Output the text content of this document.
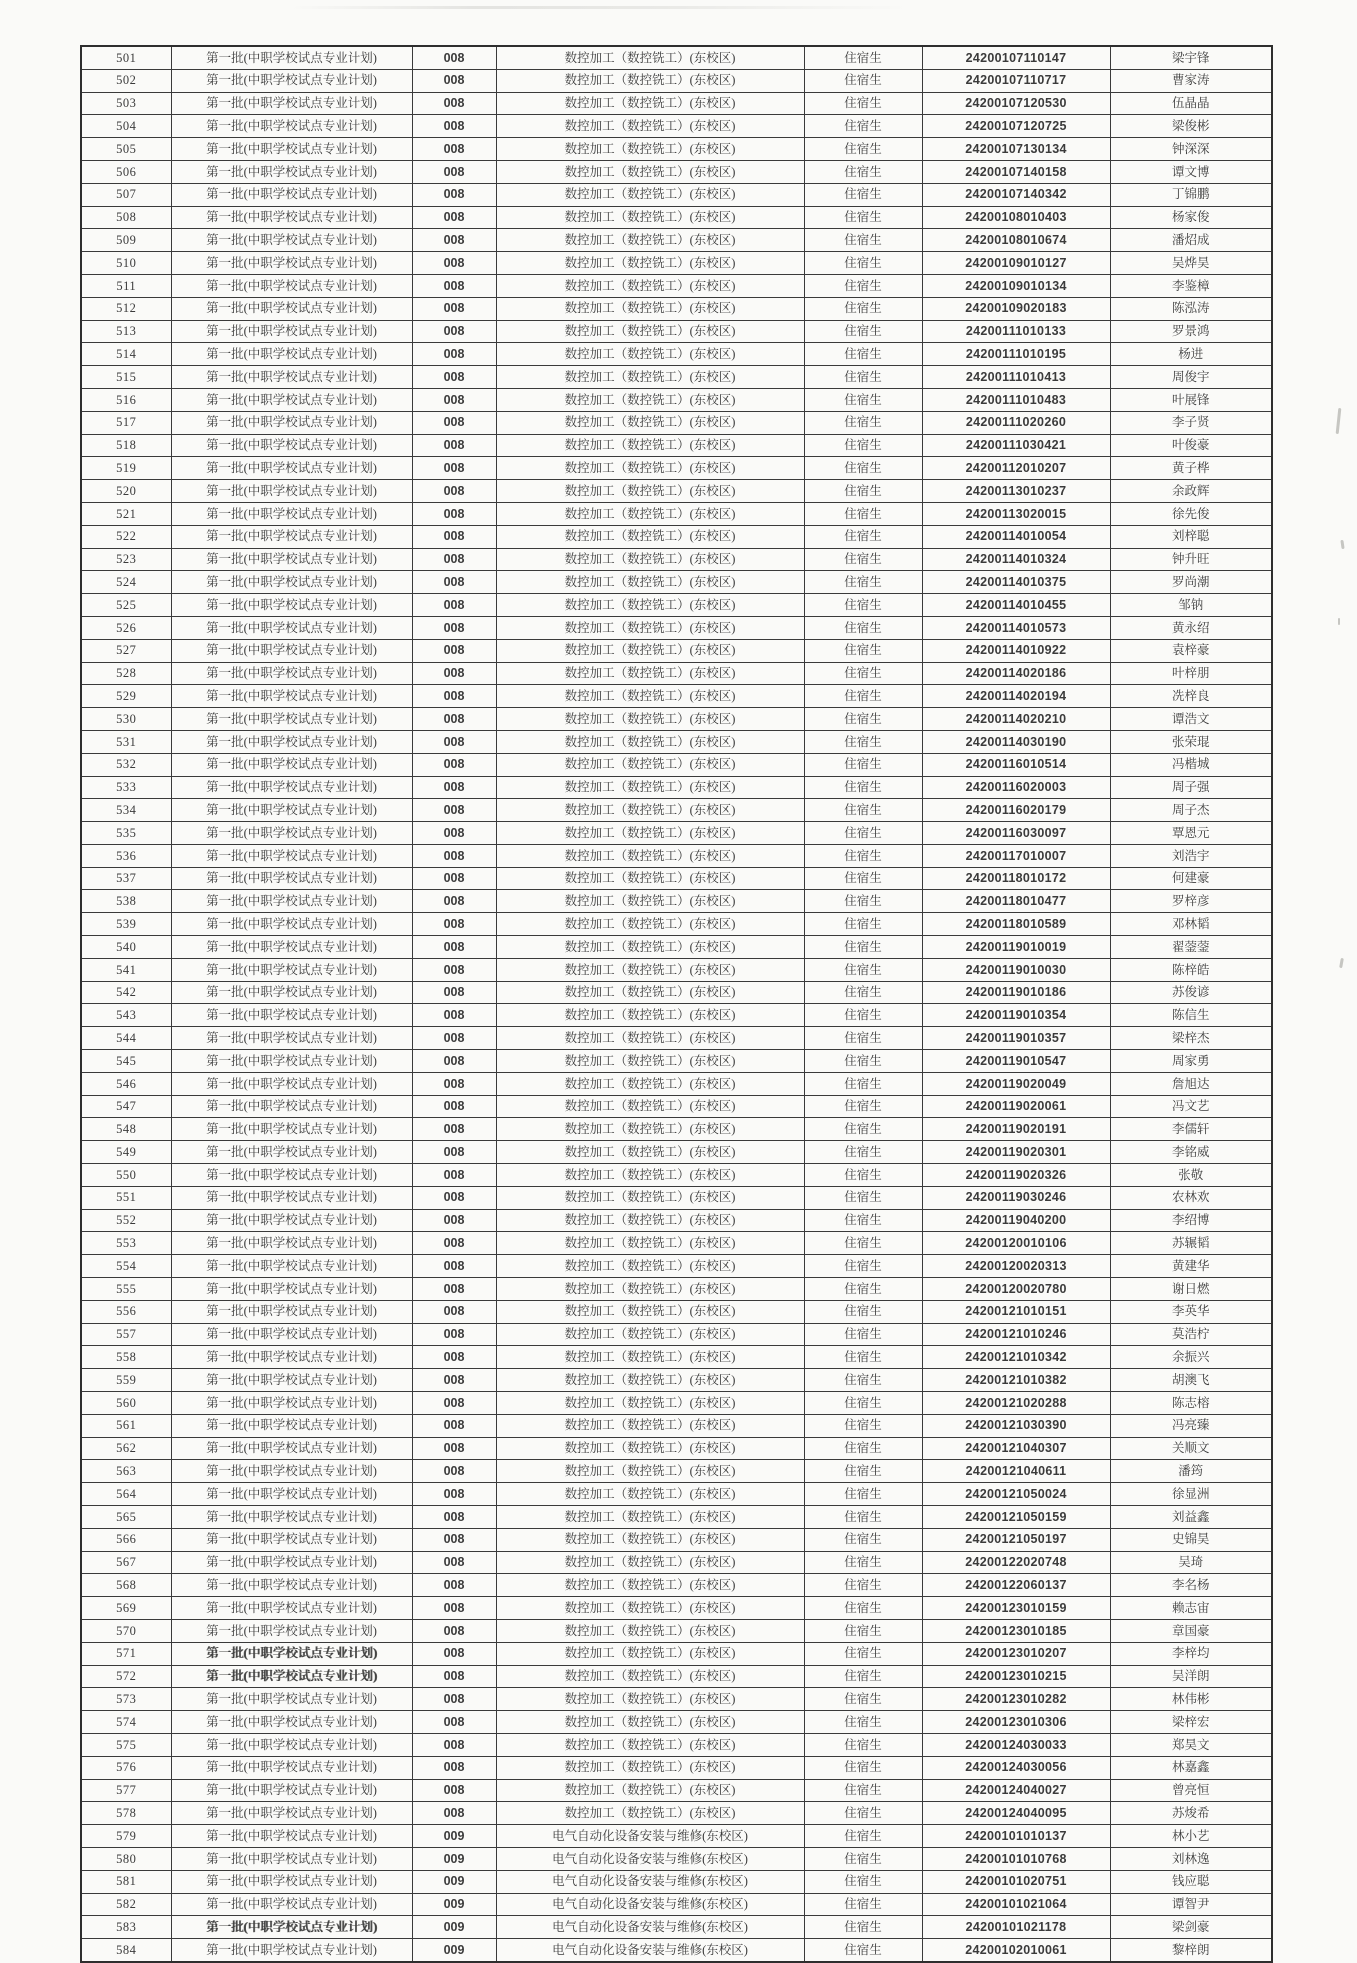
501	第一批(中职学校试点专业计划)	008	数控加工（数控铣工）(东校区)	住宿生	24200107110147	梁宇锋
502	第一批(中职学校试点专业计划)	008	数控加工（数控铣工）(东校区)	住宿生	24200107110717	曹家涛
503	第一批(中职学校试点专业计划)	008	数控加工（数控铣工）(东校区)	住宿生	24200107120530	伍晶晶
504	第一批(中职学校试点专业计划)	008	数控加工（数控铣工）(东校区)	住宿生	24200107120725	梁俊彬
505	第一批(中职学校试点专业计划)	008	数控加工（数控铣工）(东校区)	住宿生	24200107130134	钟深深
506	第一批(中职学校试点专业计划)	008	数控加工（数控铣工）(东校区)	住宿生	24200107140158	谭文博
507	第一批(中职学校试点专业计划)	008	数控加工（数控铣工）(东校区)	住宿生	24200107140342	丁锦鹏
508	第一批(中职学校试点专业计划)	008	数控加工（数控铣工）(东校区)	住宿生	24200108010403	杨家俊
509	第一批(中职学校试点专业计划)	008	数控加工（数控铣工）(东校区)	住宿生	24200108010674	潘炤成
510	第一批(中职学校试点专业计划)	008	数控加工（数控铣工）(东校区)	住宿生	24200109010127	吴烨昊
511	第一批(中职学校试点专业计划)	008	数控加工（数控铣工）(东校区)	住宿生	24200109010134	李鉴樟
512	第一批(中职学校试点专业计划)	008	数控加工（数控铣工）(东校区)	住宿生	24200109020183	陈泓涛
513	第一批(中职学校试点专业计划)	008	数控加工（数控铣工）(东校区)	住宿生	24200111010133	罗景鸿
514	第一批(中职学校试点专业计划)	008	数控加工（数控铣工）(东校区)	住宿生	24200111010195	杨进
515	第一批(中职学校试点专业计划)	008	数控加工（数控铣工）(东校区)	住宿生	24200111010413	周俊宇
516	第一批(中职学校试点专业计划)	008	数控加工（数控铣工）(东校区)	住宿生	24200111010483	叶展锋
517	第一批(中职学校试点专业计划)	008	数控加工（数控铣工）(东校区)	住宿生	24200111020260	李子贤
518	第一批(中职学校试点专业计划)	008	数控加工（数控铣工）(东校区)	住宿生	24200111030421	叶俊豪
519	第一批(中职学校试点专业计划)	008	数控加工（数控铣工）(东校区)	住宿生	24200112010207	黄子桦
520	第一批(中职学校试点专业计划)	008	数控加工（数控铣工）(东校区)	住宿生	24200113010237	余政辉
521	第一批(中职学校试点专业计划)	008	数控加工（数控铣工）(东校区)	住宿生	24200113020015	徐先俊
522	第一批(中职学校试点专业计划)	008	数控加工（数控铣工）(东校区)	住宿生	24200114010054	刘梓聪
523	第一批(中职学校试点专业计划)	008	数控加工（数控铣工）(东校区)	住宿生	24200114010324	钟升旺
524	第一批(中职学校试点专业计划)	008	数控加工（数控铣工）(东校区)	住宿生	24200114010375	罗尚潮
525	第一批(中职学校试点专业计划)	008	数控加工（数控铣工）(东校区)	住宿生	24200114010455	邹钠
526	第一批(中职学校试点专业计划)	008	数控加工（数控铣工）(东校区)	住宿生	24200114010573	黄永绍
527	第一批(中职学校试点专业计划)	008	数控加工（数控铣工）(东校区)	住宿生	24200114010922	袁梓豪
528	第一批(中职学校试点专业计划)	008	数控加工（数控铣工）(东校区)	住宿生	24200114020186	叶梓朋
529	第一批(中职学校试点专业计划)	008	数控加工（数控铣工）(东校区)	住宿生	24200114020194	冼梓良
530	第一批(中职学校试点专业计划)	008	数控加工（数控铣工）(东校区)	住宿生	24200114020210	谭浩文
531	第一批(中职学校试点专业计划)	008	数控加工（数控铣工）(东校区)	住宿生	24200114030190	张荣琨
532	第一批(中职学校试点专业计划)	008	数控加工（数控铣工）(东校区)	住宿生	24200116010514	冯楷城
533	第一批(中职学校试点专业计划)	008	数控加工（数控铣工）(东校区)	住宿生	24200116020003	周子强
534	第一批(中职学校试点专业计划)	008	数控加工（数控铣工）(东校区)	住宿生	24200116020179	周子杰
535	第一批(中职学校试点专业计划)	008	数控加工（数控铣工）(东校区)	住宿生	24200116030097	覃恩元
536	第一批(中职学校试点专业计划)	008	数控加工（数控铣工）(东校区)	住宿生	24200117010007	刘浩宇
537	第一批(中职学校试点专业计划)	008	数控加工（数控铣工）(东校区)	住宿生	24200118010172	何建豪
538	第一批(中职学校试点专业计划)	008	数控加工（数控铣工）(东校区)	住宿生	24200118010477	罗梓彦
539	第一批(中职学校试点专业计划)	008	数控加工（数控铣工）(东校区)	住宿生	24200118010589	邓林韬
540	第一批(中职学校试点专业计划)	008	数控加工（数控铣工）(东校区)	住宿生	24200119010019	翟蓥蓥
541	第一批(中职学校试点专业计划)	008	数控加工（数控铣工）(东校区)	住宿生	24200119010030	陈梓皓
542	第一批(中职学校试点专业计划)	008	数控加工（数控铣工）(东校区)	住宿生	24200119010186	苏俊谚
543	第一批(中职学校试点专业计划)	008	数控加工（数控铣工）(东校区)	住宿生	24200119010354	陈信生
544	第一批(中职学校试点专业计划)	008	数控加工（数控铣工）(东校区)	住宿生	24200119010357	梁梓杰
545	第一批(中职学校试点专业计划)	008	数控加工（数控铣工）(东校区)	住宿生	24200119010547	周家勇
546	第一批(中职学校试点专业计划)	008	数控加工（数控铣工）(东校区)	住宿生	24200119020049	詹旭达
547	第一批(中职学校试点专业计划)	008	数控加工（数控铣工）(东校区)	住宿生	24200119020061	冯文艺
548	第一批(中职学校试点专业计划)	008	数控加工（数控铣工）(东校区)	住宿生	24200119020191	李儒轩
549	第一批(中职学校试点专业计划)	008	数控加工（数控铣工）(东校区)	住宿生	24200119020301	李铭威
550	第一批(中职学校试点专业计划)	008	数控加工（数控铣工）(东校区)	住宿生	24200119020326	张敬
551	第一批(中职学校试点专业计划)	008	数控加工（数控铣工）(东校区)	住宿生	24200119030246	农林欢
552	第一批(中职学校试点专业计划)	008	数控加工（数控铣工）(东校区)	住宿生	24200119040200	李绍博
553	第一批(中职学校试点专业计划)	008	数控加工（数控铣工）(东校区)	住宿生	24200120010106	苏辗韬
554	第一批(中职学校试点专业计划)	008	数控加工（数控铣工）(东校区)	住宿生	24200120020313	黄建华
555	第一批(中职学校试点专业计划)	008	数控加工（数控铣工）(东校区)	住宿生	24200120020780	谢日燃
556	第一批(中职学校试点专业计划)	008	数控加工（数控铣工）(东校区)	住宿生	24200121010151	李英华
557	第一批(中职学校试点专业计划)	008	数控加工（数控铣工）(东校区)	住宿生	24200121010246	莫浩柠
558	第一批(中职学校试点专业计划)	008	数控加工（数控铣工）(东校区)	住宿生	24200121010342	余振兴
559	第一批(中职学校试点专业计划)	008	数控加工（数控铣工）(东校区)	住宿生	24200121010382	胡澳飞
560	第一批(中职学校试点专业计划)	008	数控加工（数控铣工）(东校区)	住宿生	24200121020288	陈志榕
561	第一批(中职学校试点专业计划)	008	数控加工（数控铣工）(东校区)	住宿生	24200121030390	冯亮臻
562	第一批(中职学校试点专业计划)	008	数控加工（数控铣工）(东校区)	住宿生	24200121040307	关顺文
563	第一批(中职学校试点专业计划)	008	数控加工（数控铣工）(东校区)	住宿生	24200121040611	潘筠
564	第一批(中职学校试点专业计划)	008	数控加工（数控铣工）(东校区)	住宿生	24200121050024	徐显洲
565	第一批(中职学校试点专业计划)	008	数控加工（数控铣工）(东校区)	住宿生	24200121050159	刘益鑫
566	第一批(中职学校试点专业计划)	008	数控加工（数控铣工）(东校区)	住宿生	24200121050197	史锦昊
567	第一批(中职学校试点专业计划)	008	数控加工（数控铣工）(东校区)	住宿生	24200122020748	吴琦
568	第一批(中职学校试点专业计划)	008	数控加工（数控铣工）(东校区)	住宿生	24200122060137	李名杨
569	第一批(中职学校试点专业计划)	008	数控加工（数控铣工）(东校区)	住宿生	24200123010159	赖志宙
570	第一批(中职学校试点专业计划)	008	数控加工（数控铣工）(东校区)	住宿生	24200123010185	章国豪
571	第一批(中职学校试点专业计划)	008	数控加工（数控铣工）(东校区)	住宿生	24200123010207	李梓均
572	第一批(中职学校试点专业计划)	008	数控加工（数控铣工）(东校区)	住宿生	24200123010215	吴洋朗
573	第一批(中职学校试点专业计划)	008	数控加工（数控铣工）(东校区)	住宿生	24200123010282	林伟彬
574	第一批(中职学校试点专业计划)	008	数控加工（数控铣工）(东校区)	住宿生	24200123010306	梁梓宏
575	第一批(中职学校试点专业计划)	008	数控加工（数控铣工）(东校区)	住宿生	24200124030033	郑昊文
576	第一批(中职学校试点专业计划)	008	数控加工（数控铣工）(东校区)	住宿生	24200124030056	林嘉鑫
577	第一批(中职学校试点专业计划)	008	数控加工（数控铣工）(东校区)	住宿生	24200124040027	曾亮恒
578	第一批(中职学校试点专业计划)	008	数控加工（数控铣工）(东校区)	住宿生	24200124040095	苏焌希
579	第一批(中职学校试点专业计划)	009	电气自动化设备安装与维修(东校区)	住宿生	24200101010137	林小艺
580	第一批(中职学校试点专业计划)	009	电气自动化设备安装与维修(东校区)	住宿生	24200101010768	刘林逸
581	第一批(中职学校试点专业计划)	009	电气自动化设备安装与维修(东校区)	住宿生	24200101020751	钱应聪
582	第一批(中职学校试点专业计划)	009	电气自动化设备安装与维修(东校区)	住宿生	24200101021064	谭智尹
583	第一批(中职学校试点专业计划)	009	电气自动化设备安装与维修(东校区)	住宿生	24200101021178	梁剑豪
584	第一批(中职学校试点专业计划)	009	电气自动化设备安装与维修(东校区)	住宿生	24200102010061	黎梓朗
